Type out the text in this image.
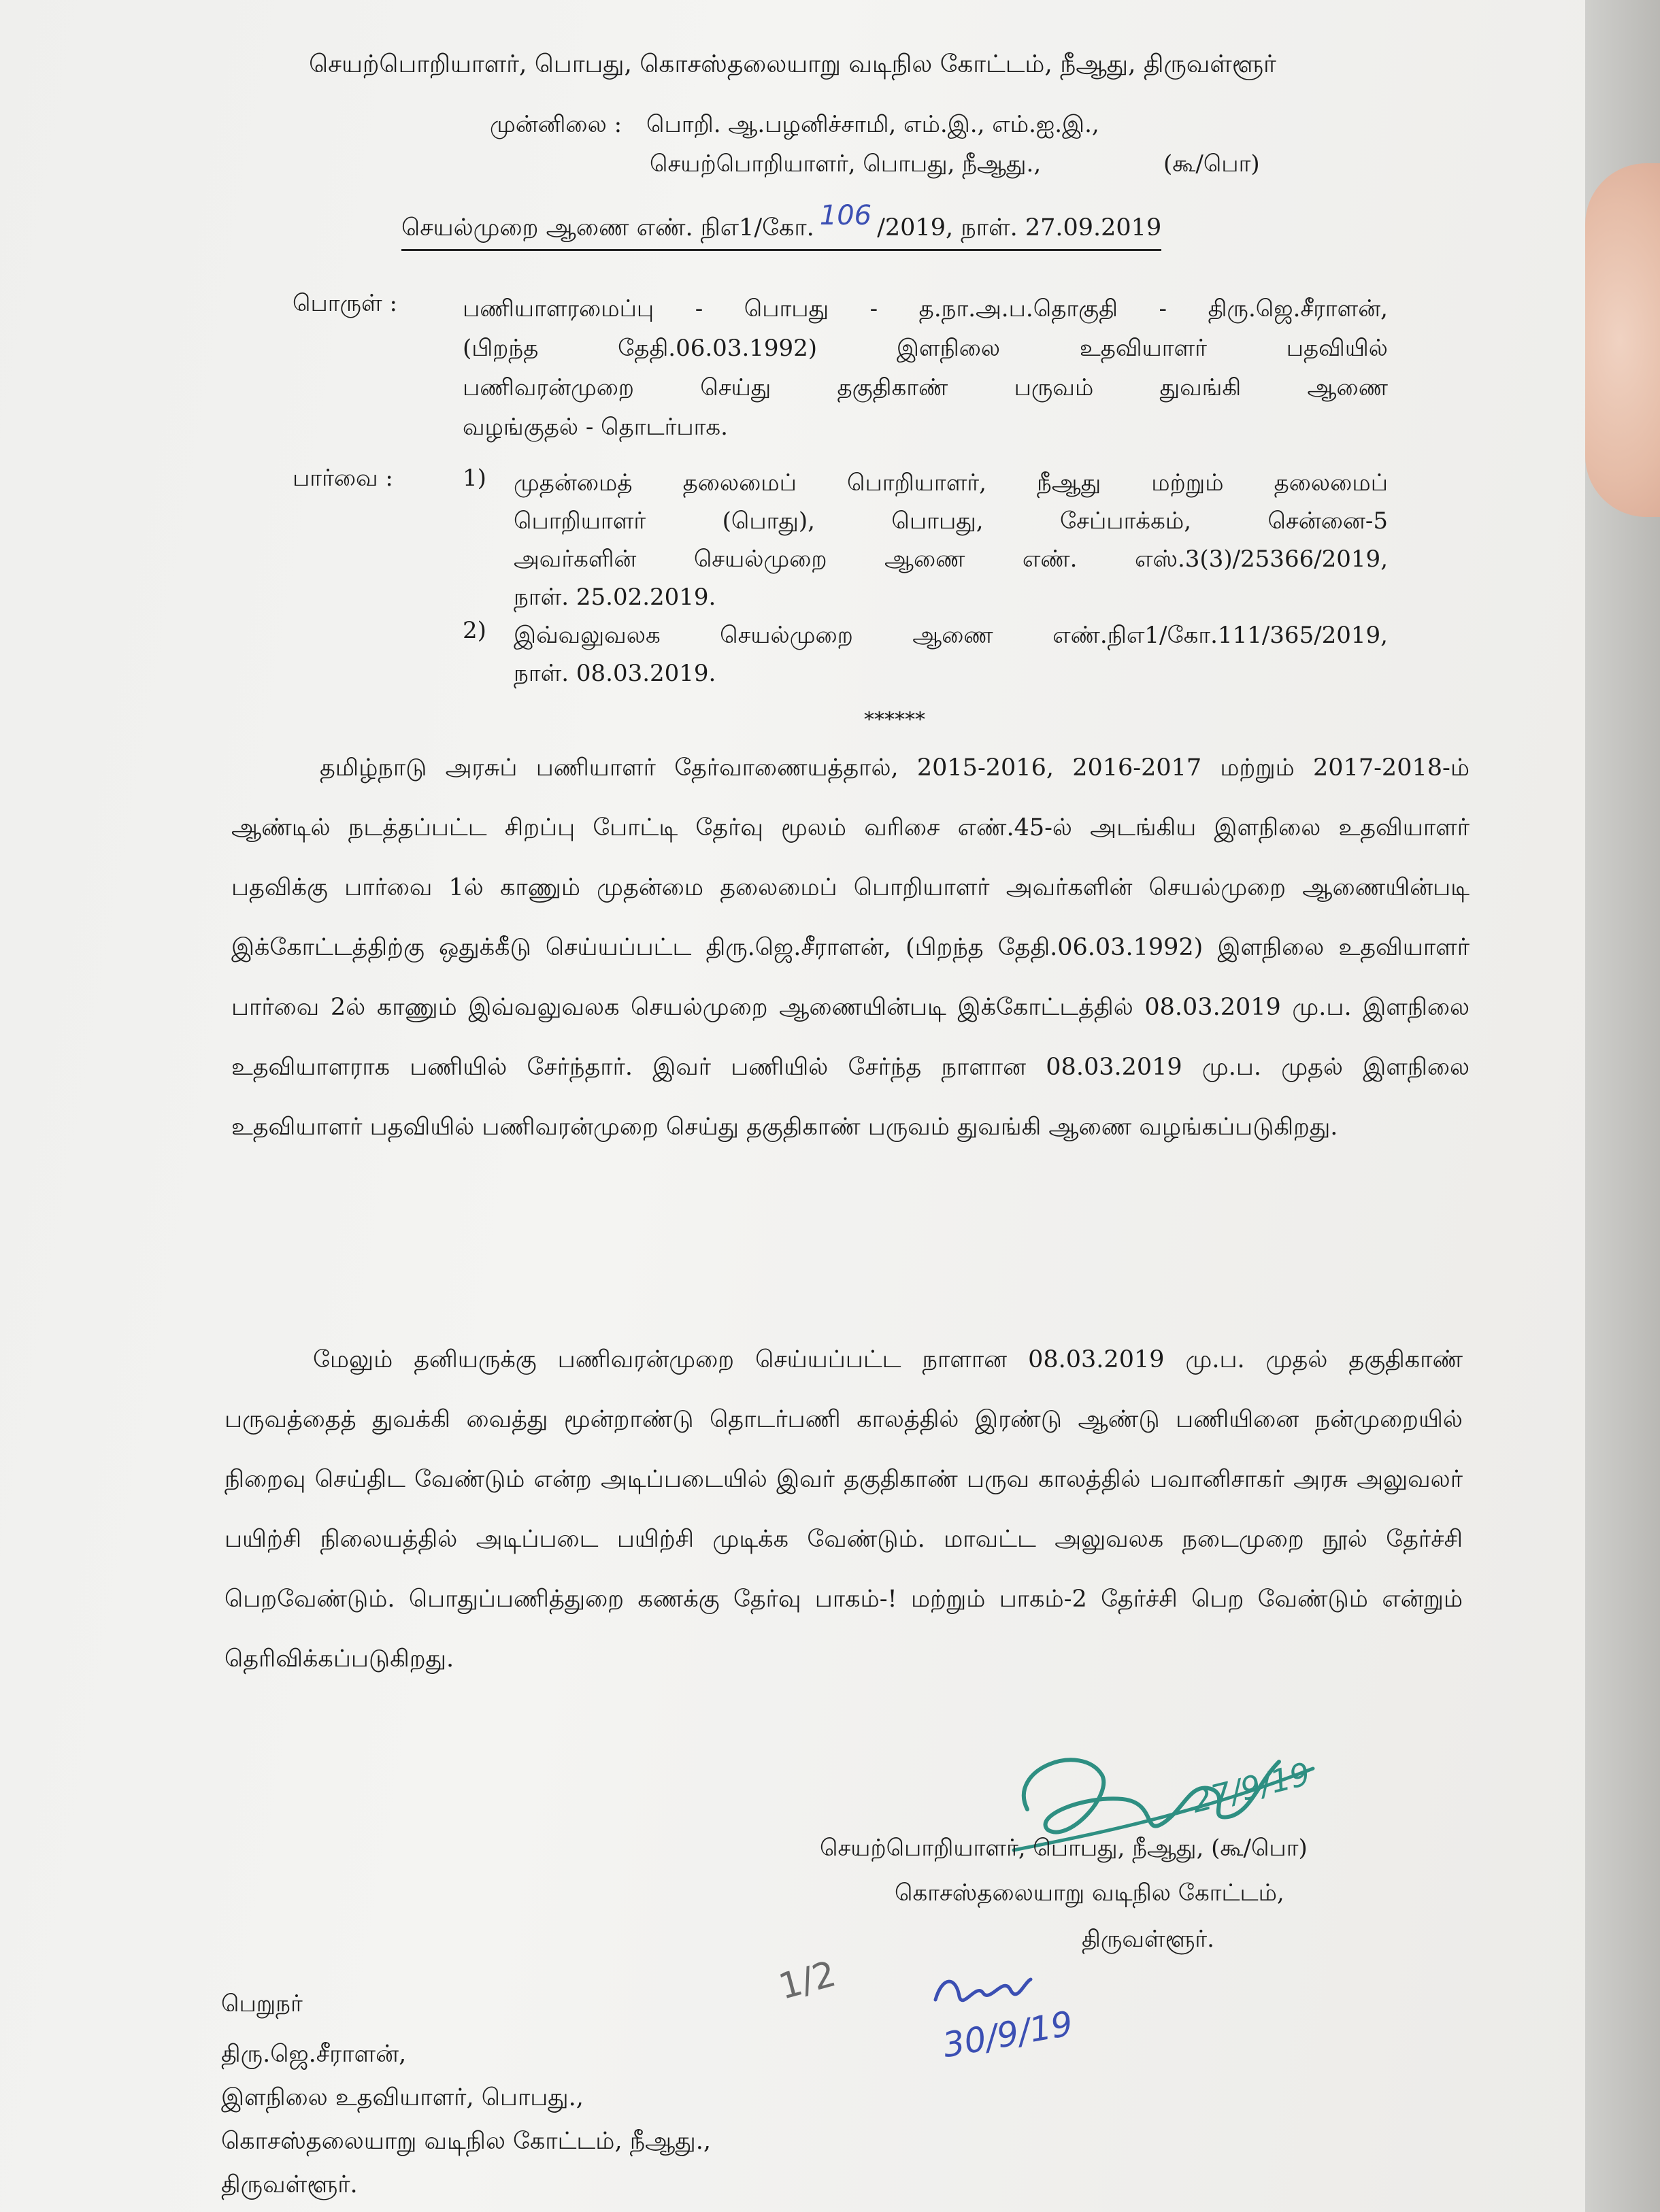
செயற்பொறியாளர், பொபது, கொசஸ்தலையாறு வடிநில கோட்டம், நீஆது, திருவள்ளூர்
முன்னிலை : பொறி. ஆ.பழனிச்சாமி, எம்.இ., எம்.ஐ.இ.,
செயற்பொறியாளர், பொபது, நீஆது.,	(கூ/பொ)
செயல்முறை ஆணை எண். நிஎ1/கோ. 106 /2019, நாள். 27.09.2019
பொருள் :	பணியாளரமைப்பு - பொபது - த.நா.அ.ப.தொகுதி - திரு.ஜெ.சீராளன்,
(பிறந்த தேதி.06.03.1992) இளநிலை உதவியாளர் பதவியில்
பணிவரன்முறை செய்து தகுதிகாண் பருவம் துவங்கி ஆணை
வழங்குதல் - தொடர்பாக.
பார்வை :	1) முதன்மைத் தலைமைப் பொறியாளர், நீஆது மற்றும் தலைமைப்
பொறியாளர் (பொது), பொபது, சேப்பாக்கம், சென்னை-5
அவர்களின் செயல்முறை ஆணை எண். எஸ்.3(3)/25366/2019,
நாள். 25.02.2019.
2) இவ்வலுவலக செயல்முறை ஆணை எண்.நிஎ1/கோ.111/365/2019,
நாள். 08.03.2019.
******
தமிழ்நாடு அரசுப் பணியாளர் தேர்வாணையத்தால், 2015-2016, 2016-2017 மற்றும் 2017-2018-ம் ஆண்டில் நடத்தப்பட்ட சிறப்பு போட்டி தேர்வு மூலம் வரிசை எண்.45-ல் அடங்கிய இளநிலை உதவியாளர் பதவிக்கு பார்வை 1ல் காணும் முதன்மை தலைமைப் பொறியாளர் அவர்களின் செயல்முறை ஆணையின்படி இக்கோட்டத்திற்கு ஒதுக்கீடு செய்யப்பட்ட திரு.ஜெ.சீராளன், (பிறந்த தேதி.06.03.1992) இளநிலை உதவியாளர் பார்வை 2ல் காணும் இவ்வலுவலக செயல்முறை ஆணையின்படி இக்கோட்டத்தில் 08.03.2019 மு.ப. இளநிலை உதவியாளராக பணியில் சேர்ந்தார். இவர் பணியில் சேர்ந்த நாளான 08.03.2019 மு.ப. முதல் இளநிலை உதவியாளர் பதவியில் பணிவரன்முறை செய்து தகுதிகாண் பருவம் துவங்கி ஆணை வழங்கப்படுகிறது.
மேலும் தனியருக்கு பணிவரன்முறை செய்யப்பட்ட நாளான 08.03.2019 மு.ப. முதல் தகுதிகாண் பருவத்தைத் துவக்கி வைத்து மூன்றாண்டு தொடர்பணி காலத்தில் இரண்டு ஆண்டு பணியினை நன்முறையில் நிறைவு செய்திட வேண்டும் என்ற அடிப்படையில் இவர் தகுதிகாண் பருவ காலத்தில் பவானிசாகர் அரசு அலுவலர் பயிற்சி நிலையத்தில் அடிப்படை பயிற்சி முடிக்க வேண்டும். மாவட்ட அலுவலக நடைமுறை நூல் தேர்ச்சி பெறவேண்டும். பொதுப்பணித்துறை கணக்கு தேர்வு பாகம்-! மற்றும் பாகம்-2 தேர்ச்சி பெற வேண்டும் என்றும் தெரிவிக்கப்படுகிறது.
27/9/19
செயற்பொறியாளர், பொபது, நீஆது, (கூ/பொ)
கொசஸ்தலையாறு வடிநில கோட்டம்,
திருவள்ளூர்.
1/2
30/9/19
பெறுநர்
திரு.ஜெ.சீராளன்,
இளநிலை உதவியாளர், பொபது.,
கொசஸ்தலையாறு வடிநில கோட்டம், நீஆது.,
திருவள்ளூர்.
